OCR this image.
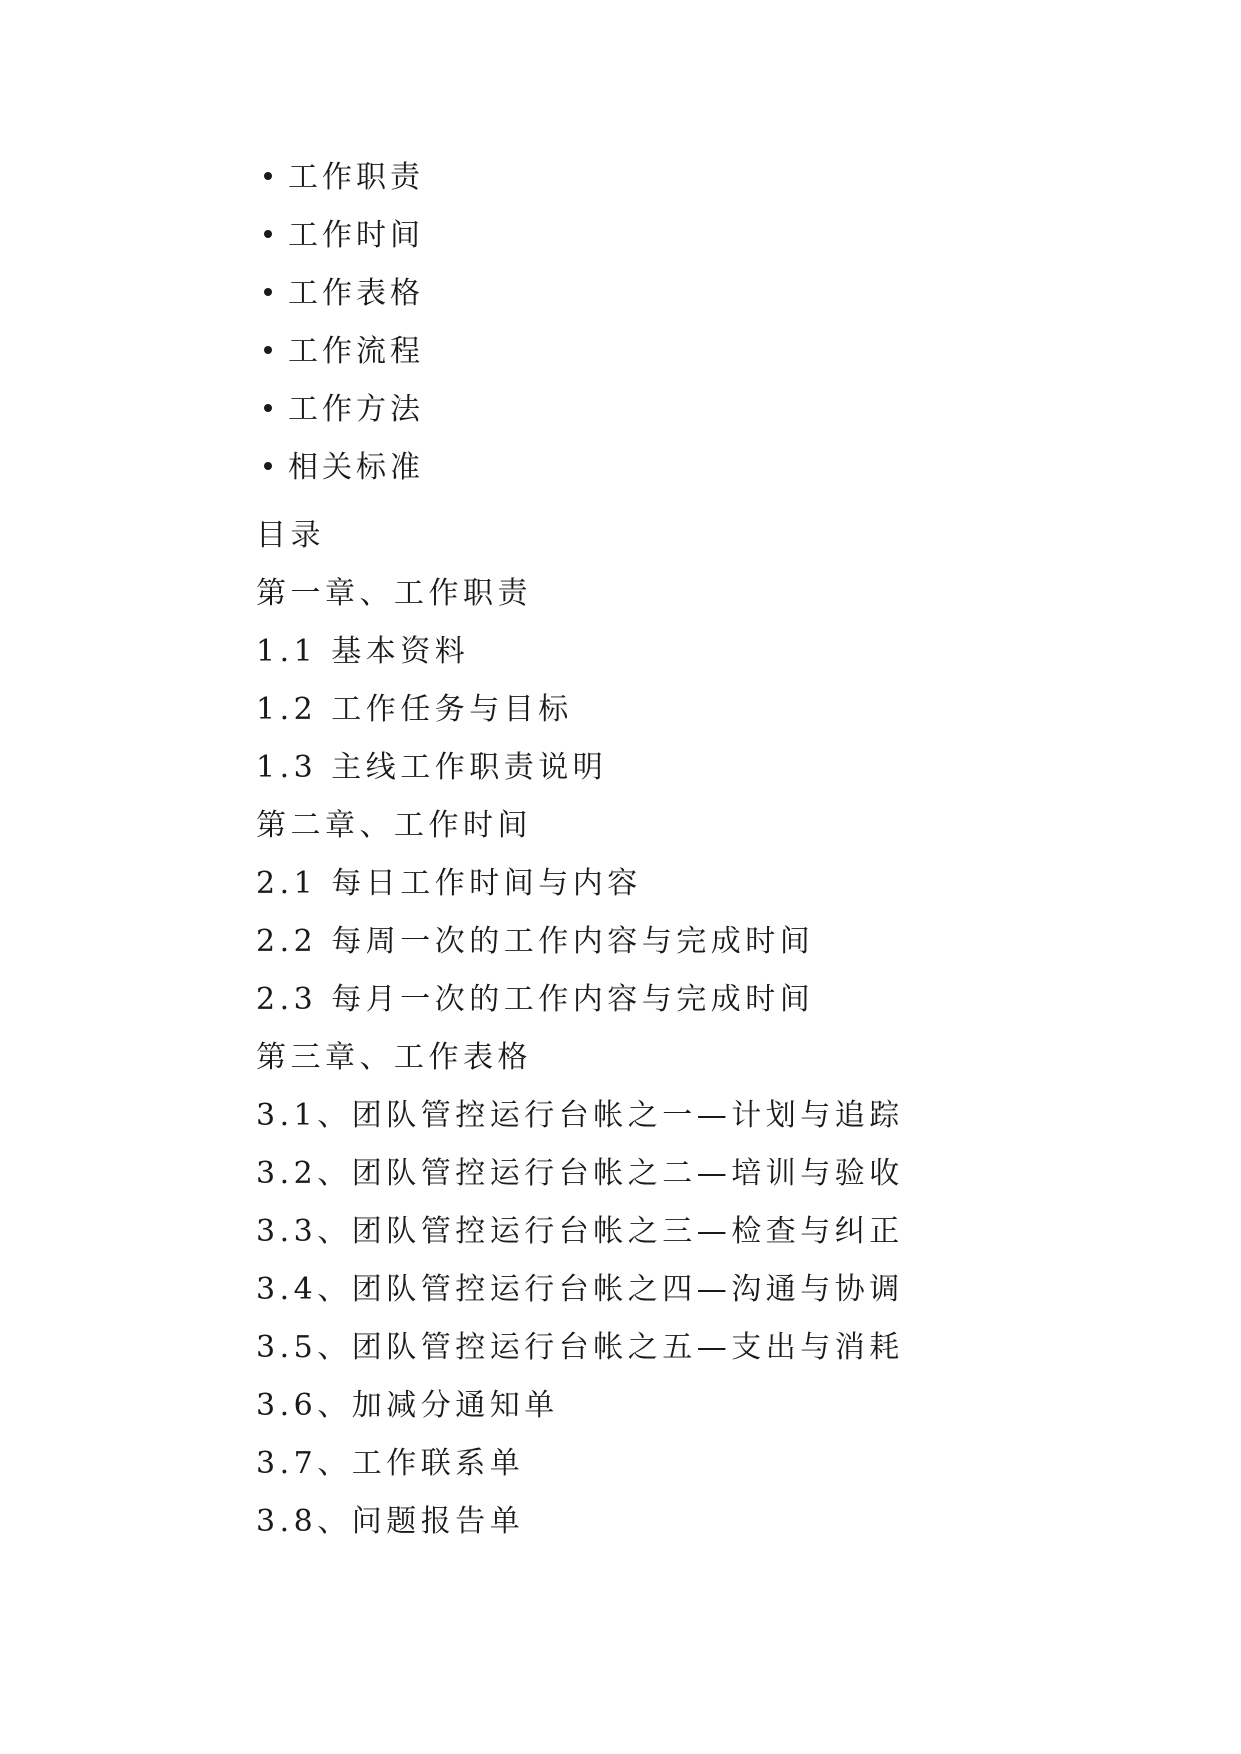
工作职责
工作时间
工作表格
工作流程
工作方法
相关标准
目录
第一章、工作职责
1.1 基本资料
1.2 工作任务与目标
1.3 主线工作职责说明
第二章、工作时间
2.1 每日工作时间与内容
2.2 每周一次的工作内容与完成时间
2.3 每月一次的工作内容与完成时间
第三章、工作表格
3.1、团队管控运行台帐之一—计划与追踪
3.2、团队管控运行台帐之二—培训与验收
3.3、团队管控运行台帐之三—检查与纠正
3.4、团队管控运行台帐之四—沟通与协调
3.5、团队管控运行台帐之五—支出与消耗
3.6、加减分通知单
3.7、工作联系单
3.8、问题报告单
